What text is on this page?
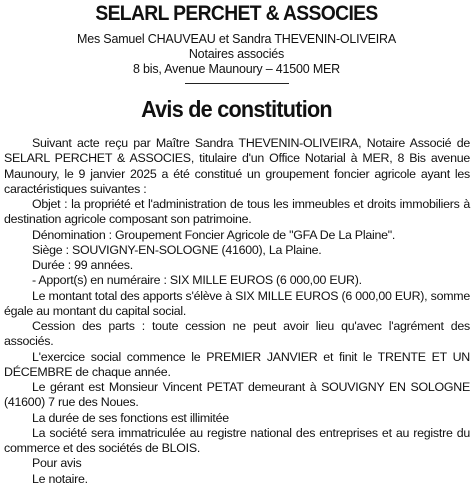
SELARL PERCHET & ASSOCIES
Mes Samuel CHAUVEAU et Sandra THEVENIN-OLIVEIRA
Notaires associés
8 bis, Avenue Maunoury – 41500 MER
Avis de constitution

Suivant acte reçu par Maître Sandra THEVENIN-OLIVEIRA, Notaire Associé de SELARL PERCHET & ASSOCIES, titulaire d'un Office Notarial à MER, 8 Bis avenue Maunoury, le 9 janvier 2025 a été constitué un groupement foncier agricole ayant les caractéristiques suivantes :

Objet : la propriété et l'administration de tous les immeubles et droits immobiliers à destination agricole composant son patrimoine.

Dénomination : Groupement Foncier Agricole de "GFA De La Plaine".

Siège : SOUVIGNY-EN-SOLOGNE (41600), La Plaine.

Durée : 99 années.

- Apport(s) en numéraire : SIX MILLE EUROS (6 000,00 EUR).

Le montant total des apports s'élève à SIX MILLE EUROS (6 000,00 EUR), somme égale au montant du capital social.

Cession des parts : toute cession ne peut avoir lieu qu'avec l'agrément des associés.

L'exercice social commence le PREMIER JANVIER et finit le TRENTE ET UN DÉCEMBRE de chaque année.

Le gérant est Monsieur Vincent PETAT demeurant à SOUVIGNY EN SOLOGNE (41600) 7 rue des Noues.

La durée de ses fonctions est illimitée

La société sera immatriculée au registre national des entreprises et au registre du commerce et des sociétés de BLOIS.

Pour avis

Le notaire.
